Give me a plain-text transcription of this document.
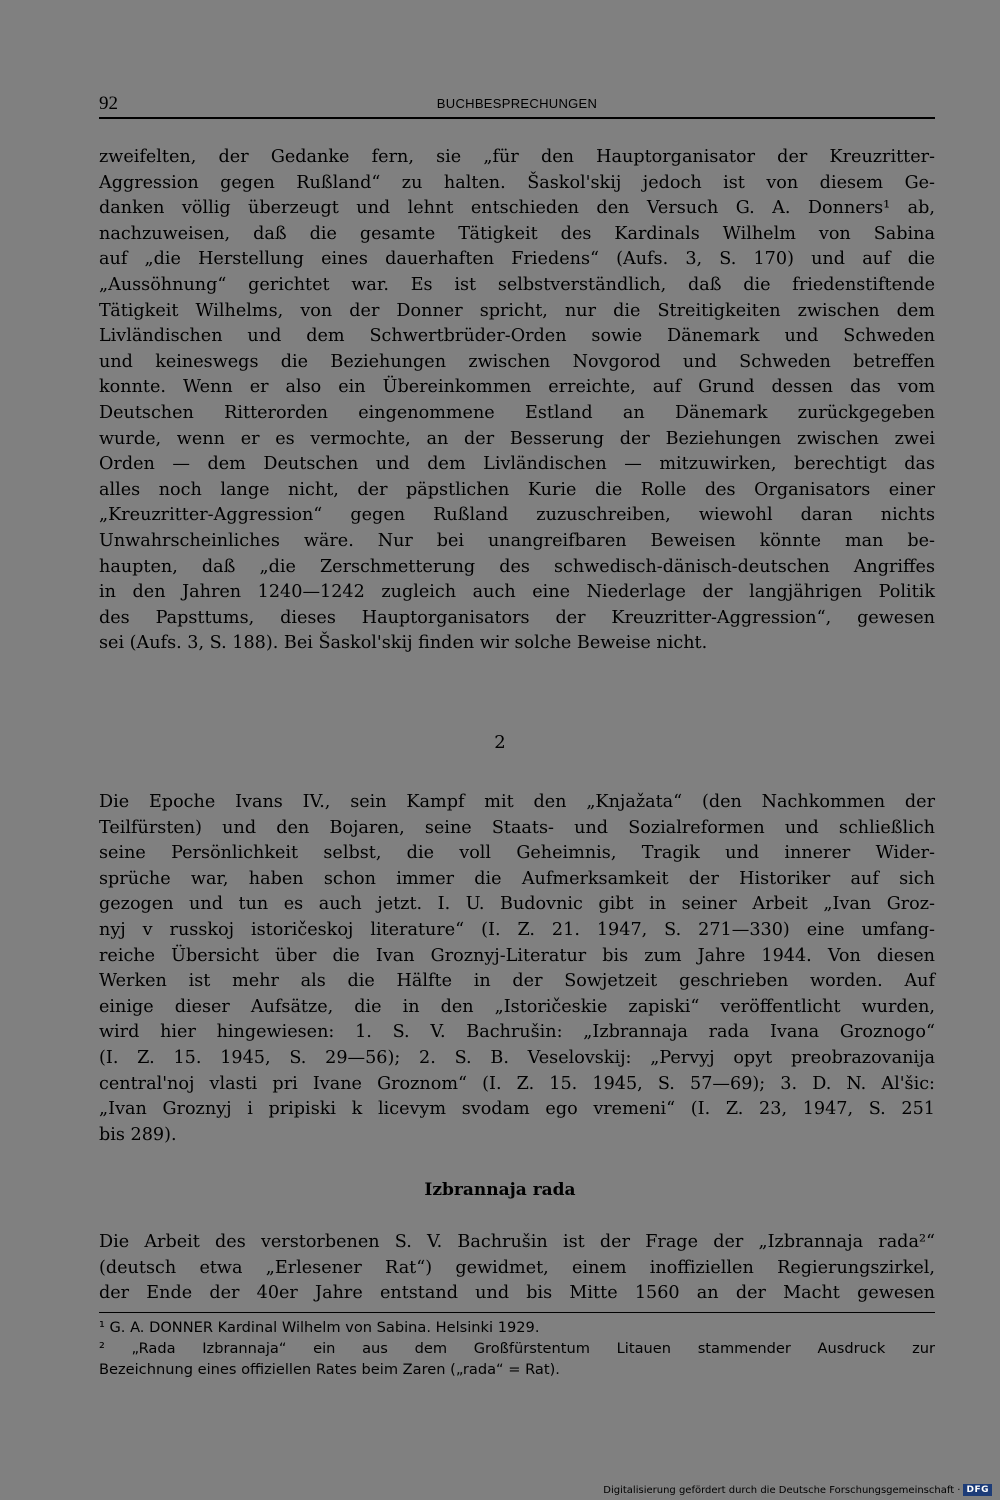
92	BUCHBESPRECHUNGEN
zweifelten, der Gedanke fern, sie „für den Hauptorganisator der Kreuzritter-
Aggression gegen Rußland“ zu halten. Šaskol'skij jedoch ist von diesem Ge-
danken völlig überzeugt und lehnt entschieden den Versuch G. A. Donners¹ ab,
nachzuweisen, daß die gesamte Tätigkeit des Kardinals Wilhelm von Sabina
auf „die Herstellung eines dauerhaften Friedens“ (Aufs. 3, S. 170) und auf die
„Aussöhnung“ gerichtet war. Es ist selbstverständlich, daß die friedenstiftende
Tätigkeit Wilhelms, von der Donner spricht, nur die Streitigkeiten zwischen dem
Livländischen und dem Schwertbrüder-Orden sowie Dänemark und Schweden
und keineswegs die Beziehungen zwischen Novgorod und Schweden betreffen
konnte. Wenn er also ein Übereinkommen erreichte, auf Grund dessen das vom
Deutschen Ritterorden eingenommene Estland an Dänemark zurückgegeben
wurde, wenn er es vermochte, an der Besserung der Beziehungen zwischen zwei
Orden — dem Deutschen und dem Livländischen — mitzuwirken, berechtigt das
alles noch lange nicht, der päpstlichen Kurie die Rolle des Organisators einer
„Kreuzritter-Aggression“ gegen Rußland zuzuschreiben, wiewohl daran nichts
Unwahrscheinliches wäre. Nur bei unangreifbaren Beweisen könnte man be-
haupten, daß „die Zerschmetterung des schwedisch-dänisch-deutschen Angriffes
in den Jahren 1240—1242 zugleich auch eine Niederlage der langjährigen Politik
des Papsttums, dieses Hauptorganisators der Kreuzritter-Aggression“, gewesen
sei (Aufs. 3, S. 188). Bei Šaskol'skij finden wir solche Beweise nicht.
2
Die Epoche Ivans IV., sein Kampf mit den „Knjažata“ (den Nachkommen der
Teilfürsten) und den Bojaren, seine Staats- und Sozialreformen und schließlich
seine Persönlichkeit selbst, die voll Geheimnis, Tragik und innerer Wider-
sprüche war, haben schon immer die Aufmerksamkeit der Historiker auf sich
gezogen und tun es auch jetzt. I. U. Budovnic gibt in seiner Arbeit „Ivan Groz-
nyj v russkoj istoričeskoj literature“ (I. Z. 21. 1947, S. 271—330) eine umfang-
reiche Übersicht über die Ivan Groznyj-Literatur bis zum Jahre 1944. Von diesen
Werken ist mehr als die Hälfte in der Sowjetzeit geschrieben worden. Auf
einige dieser Aufsätze, die in den „Istoričeskie zapiski“ veröffentlicht wurden,
wird hier hingewiesen: 1. S. V. Bachrušin: „Izbrannaja rada Ivana Groznogo“
(I. Z. 15. 1945, S. 29—56); 2. S. B. Veselovskij: „Pervyj opyt preobrazovanija
central'noj vlasti pri Ivane Groznom“ (I. Z. 15. 1945, S. 57—69); 3. D. N. Al'šic:
„Ivan Groznyj i pripiski k licevym svodam ego vremeni“ (I. Z. 23, 1947, S. 251
bis 289).
Izbrannaja rada
Die Arbeit des verstorbenen S. V. Bachrušin ist der Frage der „Izbrannaja rada²“
(deutsch etwa „Erlesener Rat“) gewidmet, einem inoffiziellen Regierungszirkel,
der Ende der 40er Jahre entstand und bis Mitte 1560 an der Macht gewesen
¹ G. A. DONNER Kardinal Wilhelm von Sabina. Helsinki 1929.
² „Rada Izbrannaja“ ein aus dem Großfürstentum Litauen stammender Ausdruck zur
Bezeichnung eines offiziellen Rates beim Zaren („rada“ = Rat).
Digitalisierung gefördert durch die Deutsche Forschungsgemeinschaft · DFG
